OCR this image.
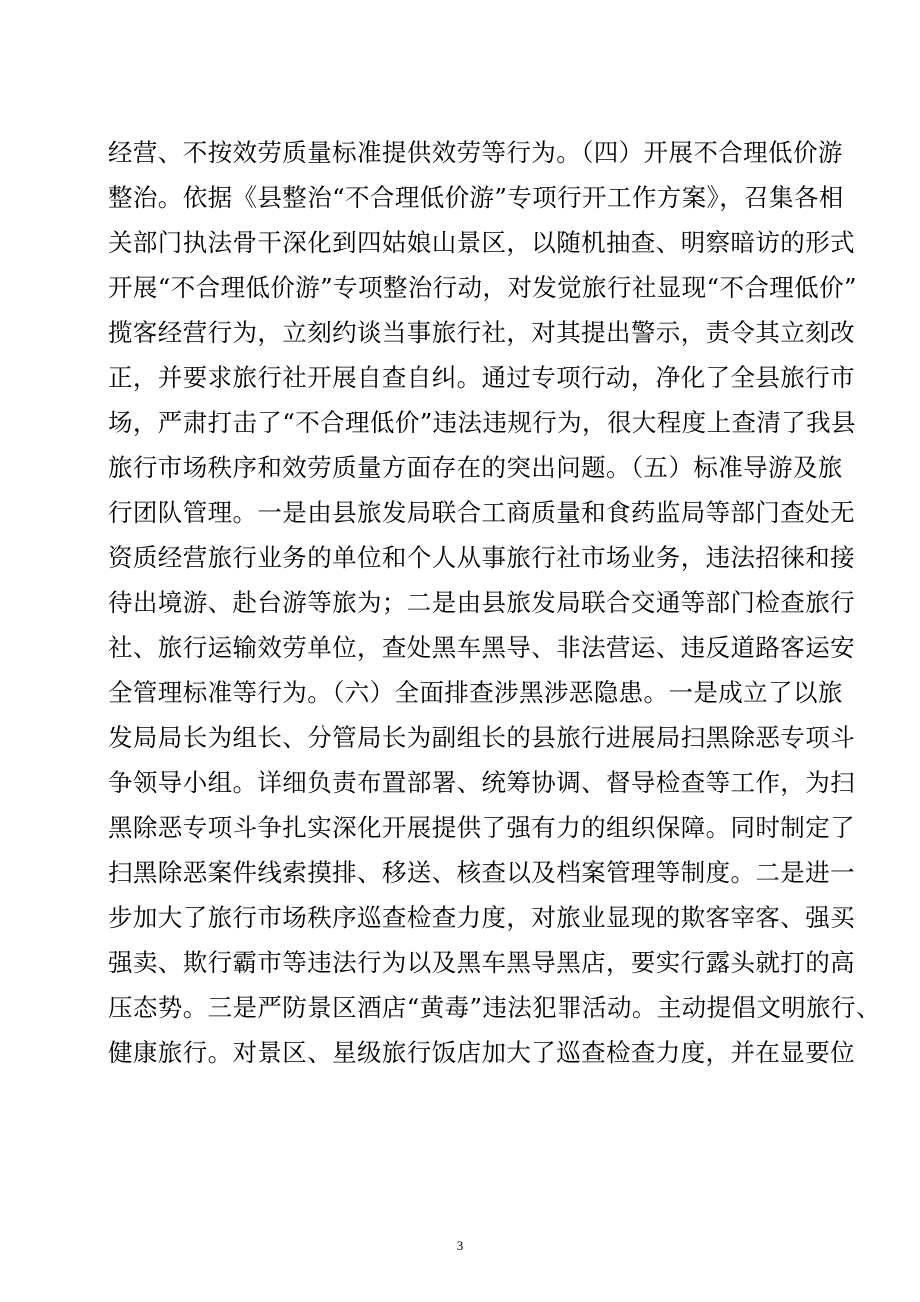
经营、不按效劳质量标准提供效劳等行为。（四）开展不合理低价游
整治。依据《县整治“不合理低价游”专项行开工作方案》，召集各相
关部门执法骨干深化到四姑娘山景区，以随机抽查、明察暗访的形式
开展“不合理低价游”专项整治行动，对发觉旅行社显现“不合理低价”
揽客经营行为，立刻约谈当事旅行社，对其提出警示，责令其立刻改
正，并要求旅行社开展自查自纠。通过专项行动，净化了全县旅行市
场，严肃打击了“不合理低价”违法违规行为，很大程度上查清了我县
旅行市场秩序和效劳质量方面存在的突出问题。（五）标准导游及旅
行团队管理。一是由县旅发局联合工商质量和食药监局等部门查处无
资质经营旅行业务的单位和个人从事旅行社市场业务，违法招徕和接
待出境游、赴台游等旅为；二是由县旅发局联合交通等部门检查旅行
社、旅行运输效劳单位，查处黑车黑导、非法营运、违反道路客运安
全管理标准等行为。（六）全面排查涉黑涉恶隐患。一是成立了以旅
发局局长为组长、分管局长为副组长的县旅行进展局扫黑除恶专项斗
争领导小组。详细负责布置部署、统筹协调、督导检查等工作，为扫
黑除恶专项斗争扎实深化开展提供了强有力的组织保障。同时制定了
扫黑除恶案件线索摸排、移送、核查以及档案管理等制度。二是进一
步加大了旅行市场秩序巡查检查力度，对旅业显现的欺客宰客、强买
强卖、欺行霸市等违法行为以及黑车黑导黑店，要实行露头就打的高
压态势。三是严防景区酒店“黄毒”违法犯罪活动。主动提倡文明旅行、
健康旅行。对景区、星级旅行饭店加大了巡查检查力度，并在显要位
3
